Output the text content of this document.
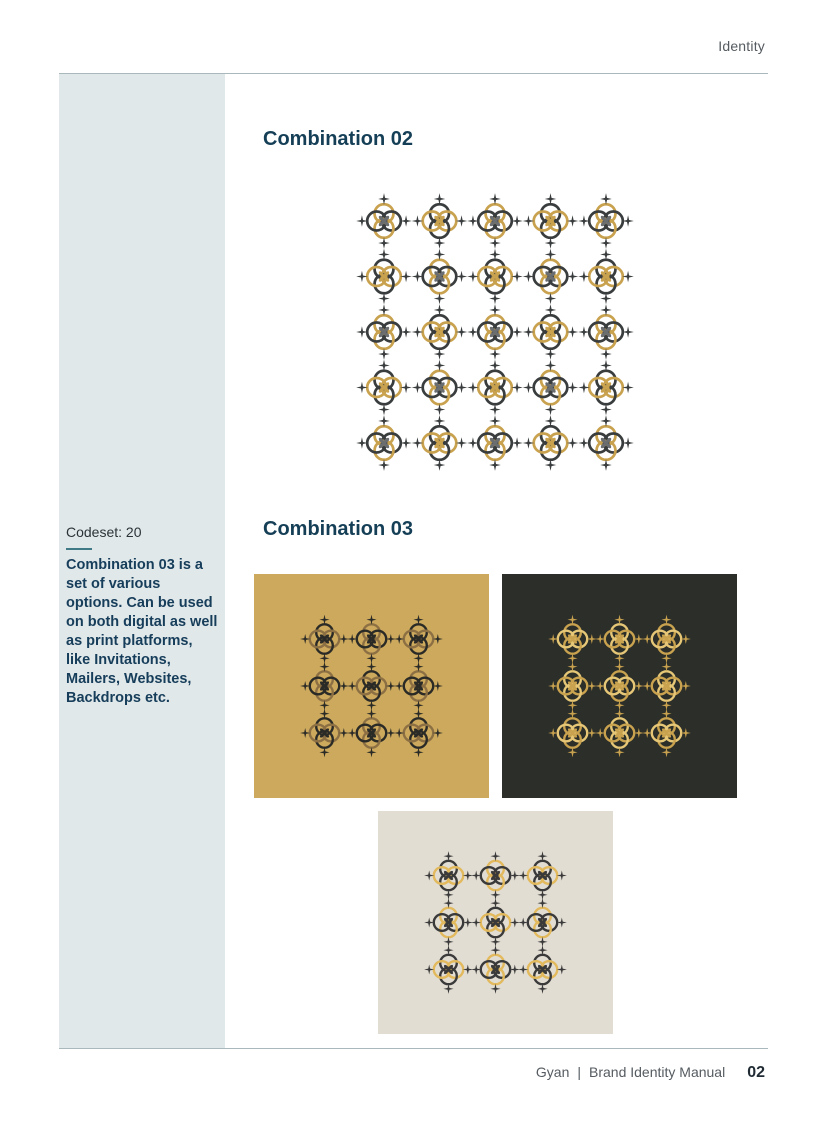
Identity
Codeset: 20

Combination 03 is a set of various options. Can be used on both digital as well as print platforms, like Invitations, Mailers, Websites, Backdrops etc.

Combination 02
Combination 03
Gyan | Brand Identity Manual 02
